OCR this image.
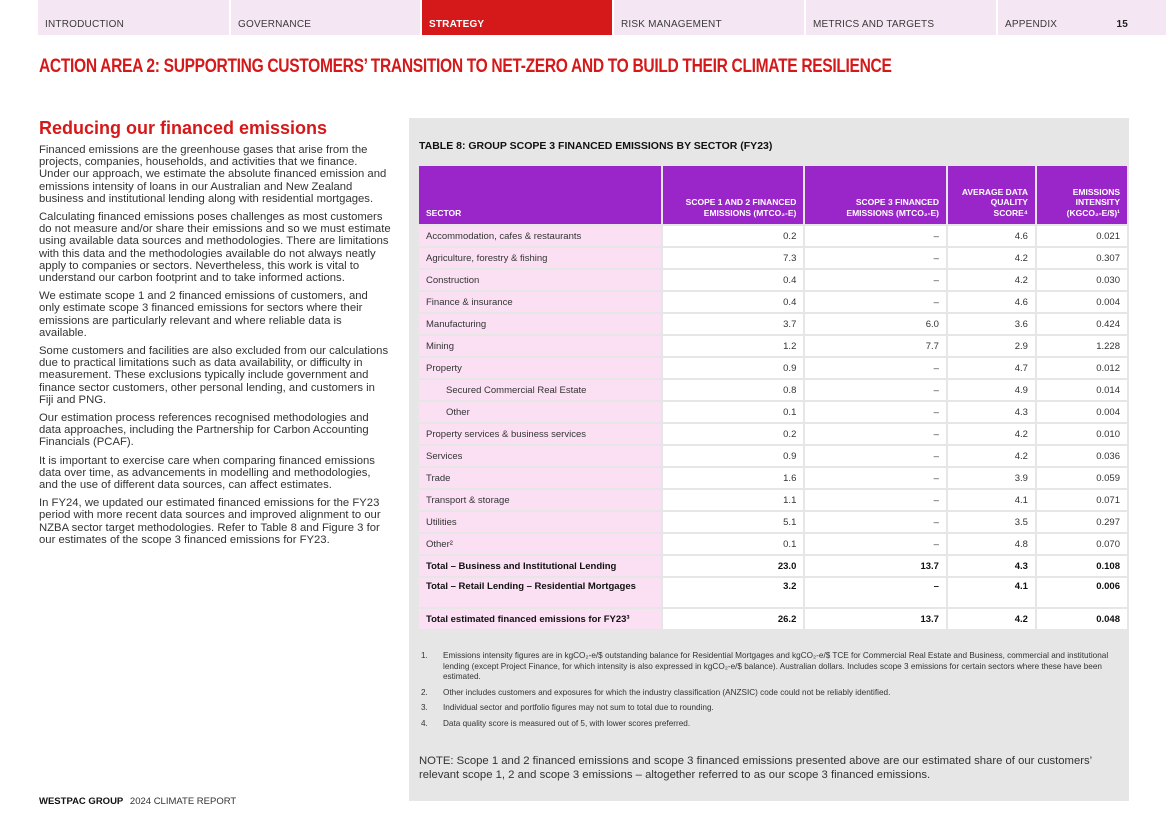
INTRODUCTION	GOVERNANCE	STRATEGY	RISK MANAGEMENT	METRICS AND TARGETS	APPENDIX	15
ACTION AREA 2: SUPPORTING CUSTOMERS’ TRANSITION TO NET-ZERO AND TO BUILD THEIR CLIMATE RESILIENCE
Reducing our financed emissions

Financed emissions are the greenhouse gases that arise from the projects, companies, households, and activities that we finance. Under our approach, we estimate the absolute financed emission and emissions intensity of loans in our Australian and New Zealand business and institutional lending along with residential mortgages.

Calculating financed emissions poses challenges as most customers do not measure and/or share their emissions and so we must estimate using available data sources and methodologies. There are limitations with this data and the methodologies available do not always neatly apply to companies or sectors. Nevertheless, this work is vital to understand our carbon footprint and to take informed actions.

We estimate scope 1 and 2 financed emissions of customers, and only estimate scope 3 financed emissions for sectors where their emissions are particularly relevant and where reliable data is available.

Some customers and facilities are also excluded from our calculations due to practical limitations such as data availability, or difficulty in measurement. These exclusions typically include government and finance sector customers, other personal lending, and customers in Fiji and PNG.

Our estimation process references recognised methodologies and data approaches, including the Partnership for Carbon Accounting Financials (PCAF).

It is important to exercise care when comparing financed emissions data over time, as advancements in modelling and methodologies, and the use of different data sources, can affect estimates.

In FY24, we updated our estimated financed emissions for the FY23 period with more recent data sources and improved alignment to our NZBA sector target methodologies. Refer to Table 8 and Figure 3 for our estimates of the scope 3 financed emissions for FY23.

WESTPAC GROUP 2024 CLIMATE REPORT
TABLE 8: GROUP SCOPE 3 FINANCED EMISSIONS BY SECTOR (FY23)
SECTOR	SCOPE 1 AND 2 FINANCED EMISSIONS (MTCO₂-E)	SCOPE 3 FINANCED EMISSIONS (MTCO₂-E)	AVERAGE DATA QUALITY SCORE⁴	EMISSIONS INTENSITY (KGCO₂-E/$)¹
Accommodation, cafes & restaurants	0.2	–	4.6	0.021
Agriculture, forestry & fishing	7.3	–	4.2	0.307
Construction	0.4	–	4.2	0.030
Finance & insurance	0.4	–	4.6	0.004
Manufacturing	3.7	6.0	3.6	0.424
Mining	1.2	7.7	2.9	1.228
Property	0.9	–	4.7	0.012
Secured Commercial Real Estate	0.8	–	4.9	0.014
Other	0.1	–	4.3	0.004
Property services & business services	0.2	–	4.2	0.010
Services	0.9	–	4.2	0.036
Trade	1.6	–	3.9	0.059
Transport & storage	1.1	–	4.1	0.071
Utilities	5.1	–	3.5	0.297
Other²	0.1	–	4.8	0.070
Total – Business and Institutional Lending	23.0	13.7	4.3	0.108
Total – Retail Lending – Residential Mortgages	3.2	–	4.1	0.006
Total estimated financed emissions for FY23³	26.2	13.7	4.2	0.048
1.	Emissions intensity figures are in kgCO₂-e/$ outstanding balance for Residential Mortgages and kgCO₂-e/$ TCE for Commercial Real Estate and Business, commercial and institutional lending (except Project Finance, for which intensity is also expressed in kgCO₂-e/$ balance). Australian dollars. Includes scope 3 emissions for certain sectors where these have been estimated.
2.	Other includes customers and exposures for which the industry classification (ANZSIC) code could not be reliably identified.
3.	Individual sector and portfolio figures may not sum to total due to rounding.
4.	Data quality score is measured out of 5, with lower scores preferred.
NOTE: Scope 1 and 2 financed emissions and scope 3 financed emissions presented above are our estimated share of our customers’ relevant scope 1, 2 and scope 3 emissions – altogether referred to as our scope 3 financed emissions.
